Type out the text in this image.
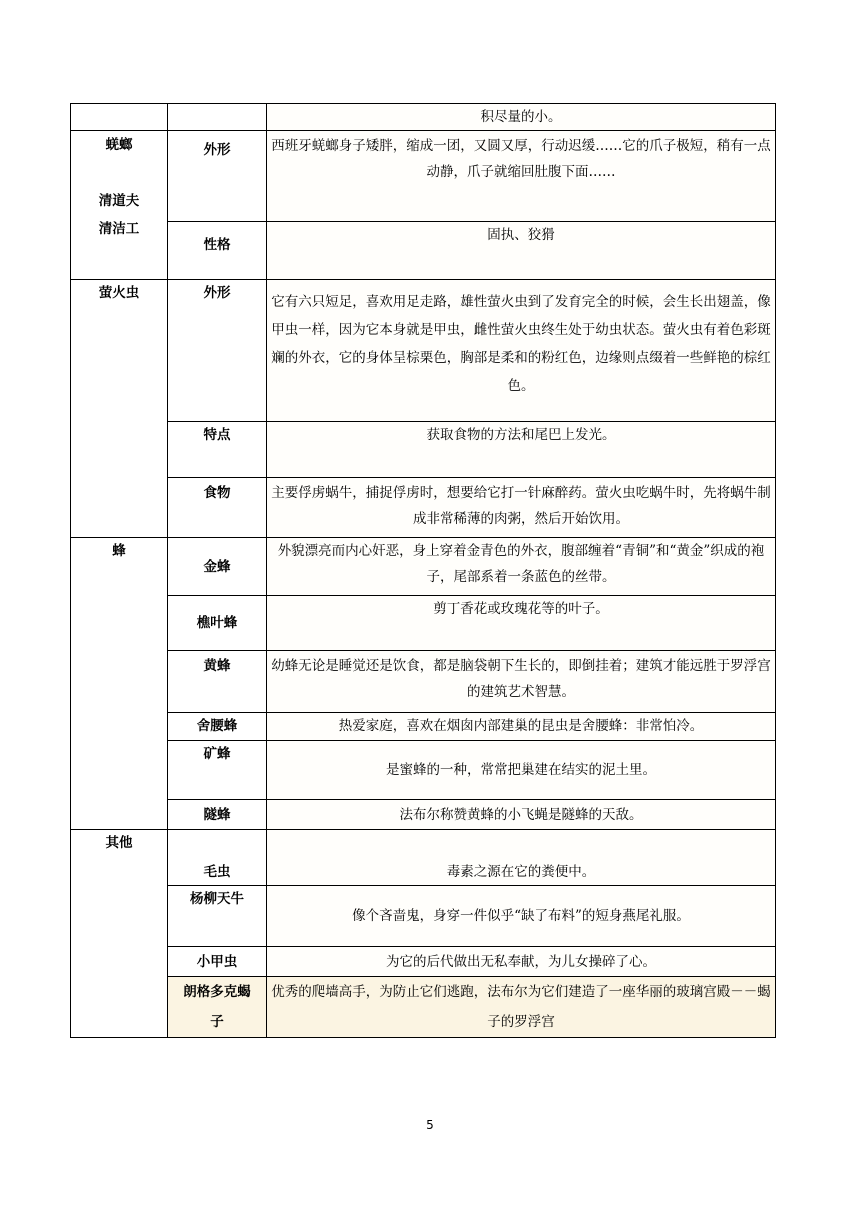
		积尽量的小。
蜣螂

清道夫
清洁工	外形	西班牙蜣螂身子矮胖，缩成一团，又圆又厚，行动迟缓……它的爪子极短，稍有一点动静，爪子就缩回肚腹下面……

	性格	固执、狡猾
萤火虫	外形	它有六只短足，喜欢用足走路，雄性萤火虫到了发育完全的时候，会生长出翅盖，像甲虫一样，因为它本身就是甲虫，雌性萤火虫终生处于幼虫状态。萤火虫有着色彩斑斓的外衣，它的身体呈棕栗色，胸部是柔和的粉红色，边缘则点缀着一些鲜艳的棕红色。

	特点	获取食物的方法和尾巴上发光。

	食物	主要俘虏蜗牛，捕捉俘虏时，想要给它打一针麻醉药。萤火虫吃蜗牛时，先将蜗牛制成非常稀薄的肉粥，然后开始饮用。

蜂	金蜂	外貌漂亮而内心奸恶，身上穿着金青色的外衣，腹部缠着“青铜”和“黄金”织成的袍子，尾部系着一条蓝色的丝带。
	樵叶蜂	剪丁香花或玫瑰花等的叶子。

	黄蜂	幼蜂无论是睡觉还是饮食，都是脑袋朝下生长的，即倒挂着；建筑才能远胜于罗浮宫的建筑艺术智慧。

	舍腰蜂	热爱家庭，喜欢在烟囱内部建巢的昆虫是舍腰蜂：非常怕冷。
	矿蜂	是蜜蜂的一种，常常把巢建在结实的泥土里。
	隧蜂	法布尔称赞黄蜂的小飞蝇是隧蜂的天敌。
其他	毛虫	毒素之源在它的粪便中。
	杨柳天牛	像个吝啬鬼，身穿一件似乎“缺了布料”的短身燕尾礼服。
	小甲虫	为它的后代做出无私奉献，为儿女操碎了心。
	朗格多克蝎
子	优秀的爬墙高手，为防止它们逃跑，法布尔为它们建造了一座华丽的玻璃宫殿－－蝎子的罗浮宫
5
